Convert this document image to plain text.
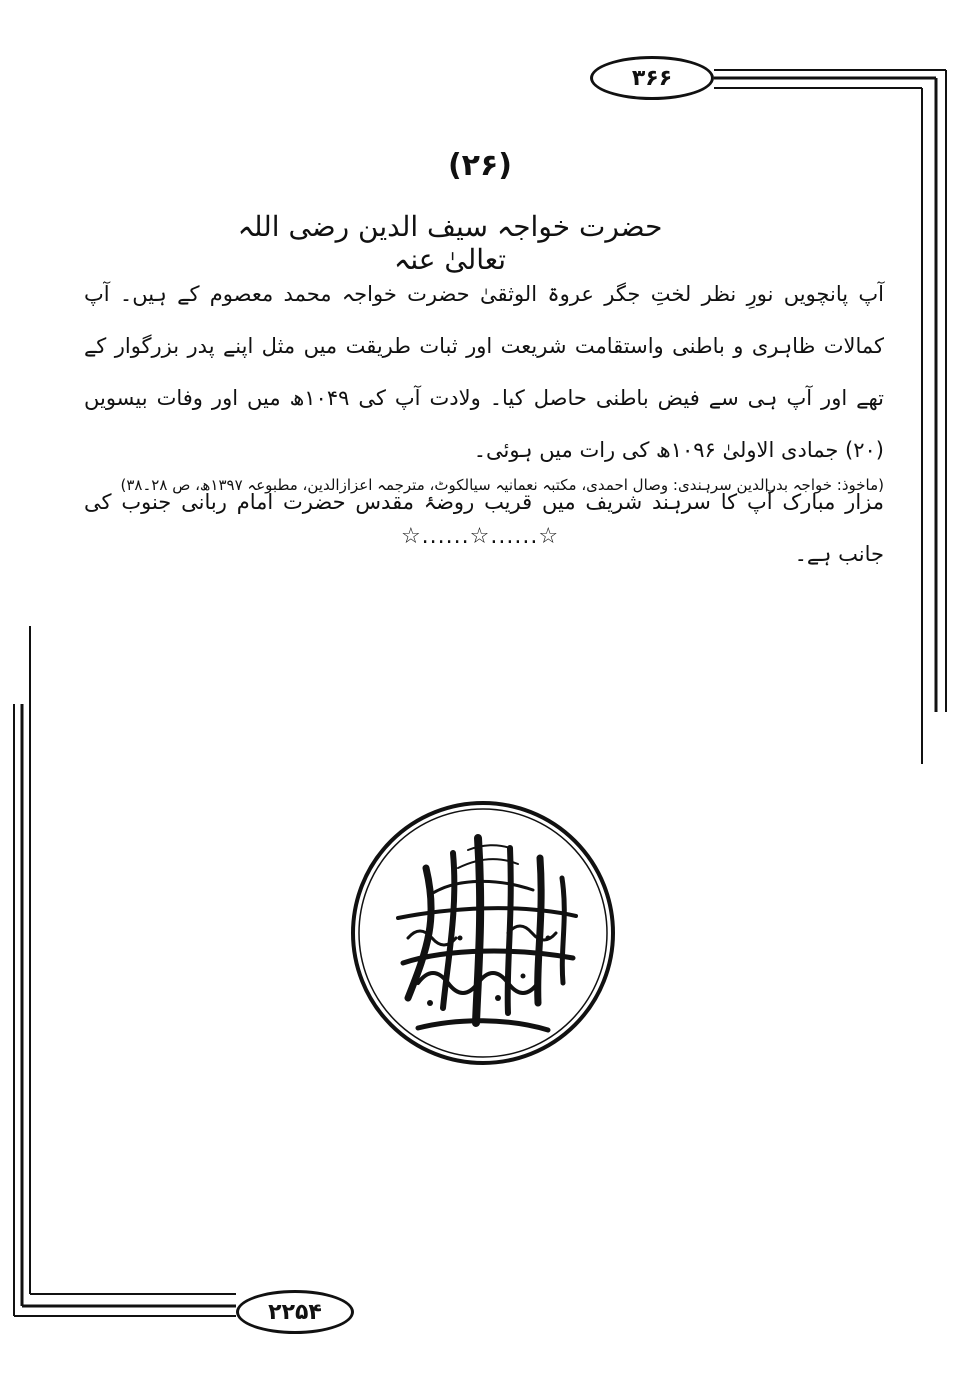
۳۶۶
(۲۶)
حضرت خواجہ سیف الدین رضی اللہ تعالیٰ عنہ

آپ پانچویں نورِ نظر لختِ جگر عروۃ الوثقیٰ حضرت خواجہ محمد معصوم کے ہیں۔ آپ کمالات ظاہری و باطنی واستقامت شریعت اور ثبات طریقت میں مثل اپنے پدر بزرگوار کے تھے اور آپ ہی سے فیض باطنی حاصل کیا۔ ولادت آپ کی ۱۰۴۹ھ میں اور وفات بیسویں (۲۰) جمادی الاولیٰ ۱۰۹۶ھ کی رات میں ہوئی۔

مزار مبارک آپ کا سرہند شریف میں قریب روضۂ مقدس حضرت امام ربانی جنوب کی جانب ہے۔

(ماخوذ: خواجہ بدرالدین سرہندی: وصال احمدی، مکتبہ نعمانیہ سیالکوٹ، مترجمہ اعزازالدین، مطبوعہ ۱۳۹۷ھ، ص ۲۸۔۳۸)
☆......☆......☆
۲۲۵۴
